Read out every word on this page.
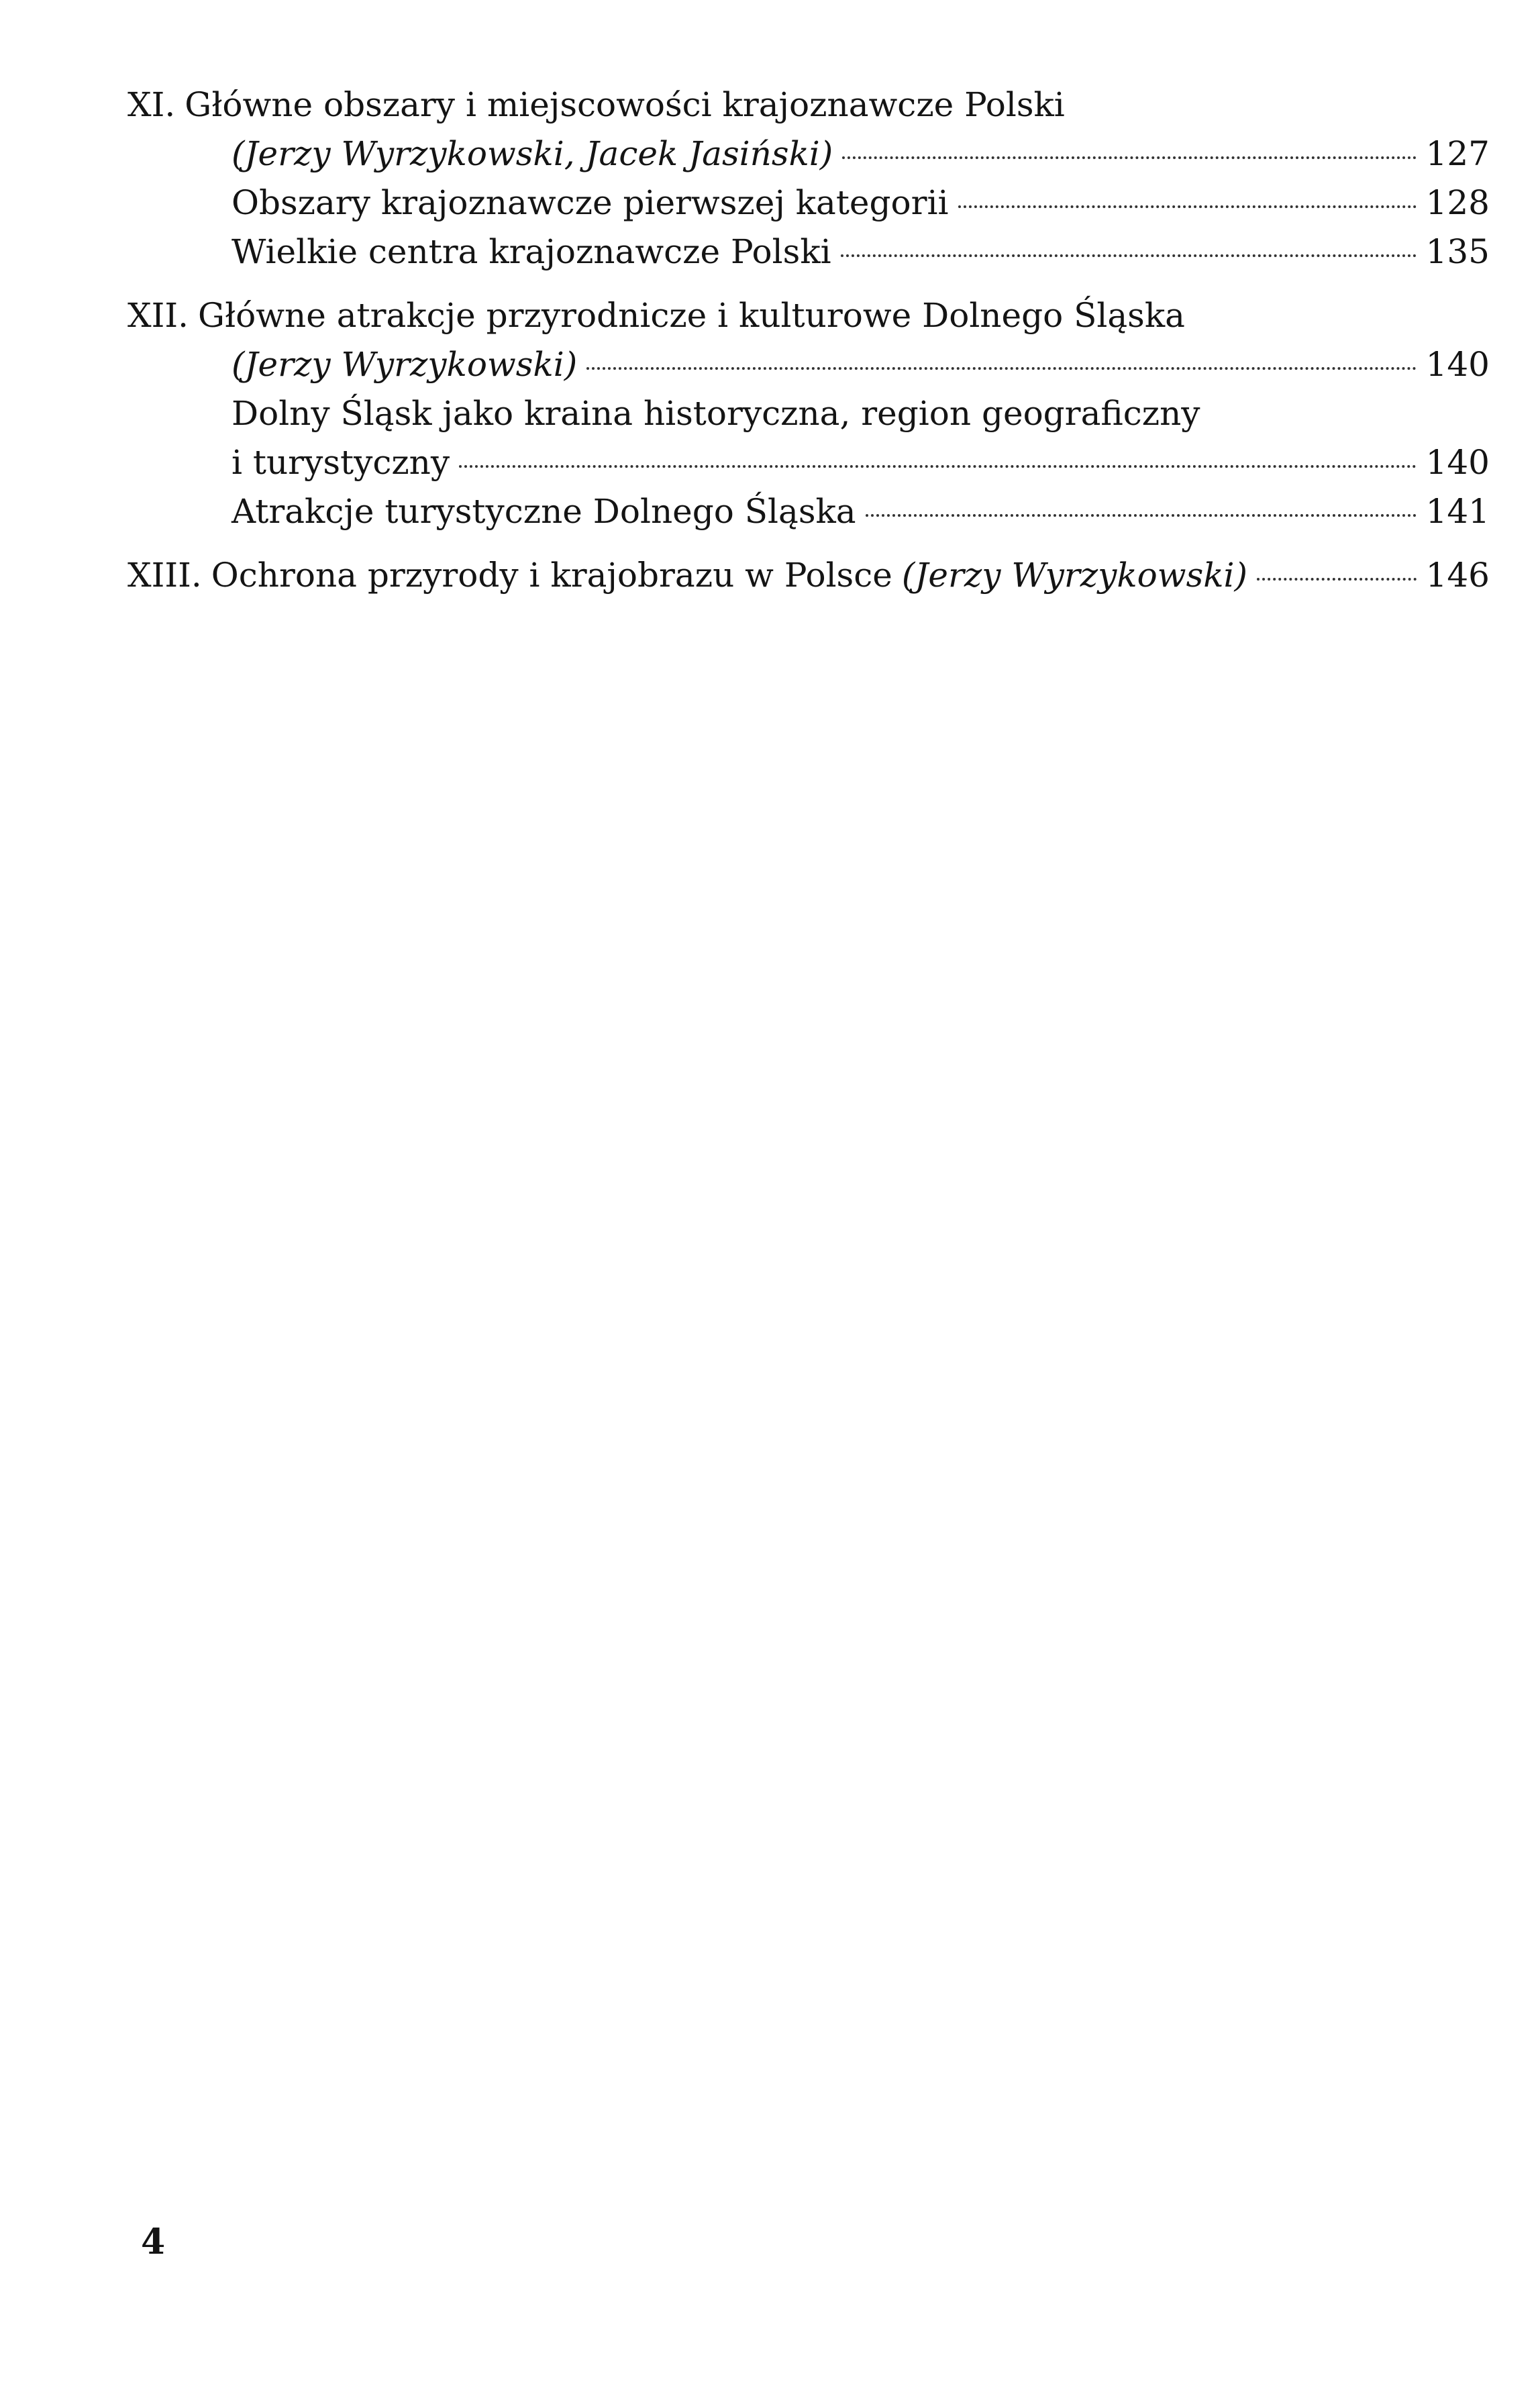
XI. Główne obszary i miejscowości krajoznawcze Polski
(Jerzy Wyrzykowski, Jacek Jasiński)	127
Obszary krajoznawcze pierwszej kategorii	128
Wielkie centra krajoznawcze Polski	135
XII. Główne atrakcje przyrodnicze i kulturowe Dolnego Śląska
(Jerzy Wyrzykowski)	140
Dolny Śląsk jako kraina historyczna, region geograficzny
i turystyczny	140
Atrakcje turystyczne Dolnego Śląska	141
XIII. Ochrona przyrody i krajobrazu w Polsce (Jerzy Wyrzykowski)	146
4
